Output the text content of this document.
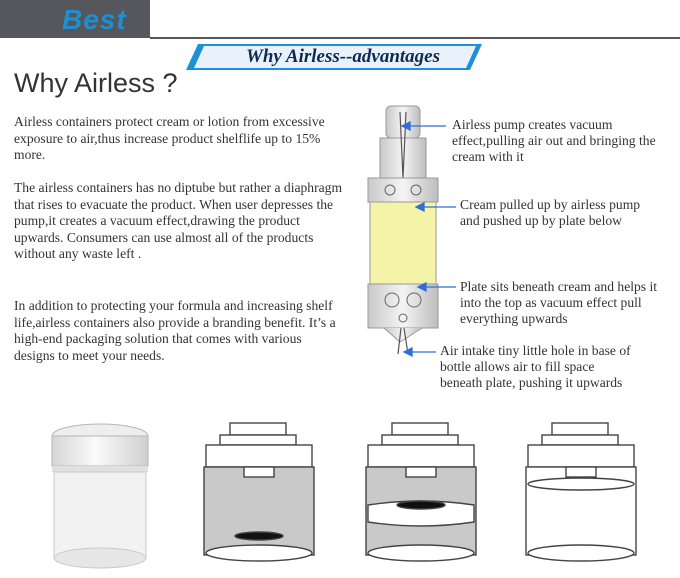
Best
Why Airless--advantages
Why Airless ?

Airless containers protect cream or lotion from excessive exposure to air,thus increase product shelflife up to 15% more.

The airless containers has no diptube but rather a diaphragm that rises to evacuate the product. When user depresses the pump,it creates a vacuum effect,drawing the product upwards. Consumers can use almost all of the products without any waste left .

In addition to protecting your formula and increasing shelf life,airless containers also provide a branding benefit. It’s a high-end packaging solution that comes with various designs to meet your needs.

Airless pump creates vacuum effect,pulling air out and bringing the cream with it

Cream pulled up by airless pump and pushed up by plate below

Plate sits beneath cream and helps it into the top as vacuum effect pull everything upwards

Air intake tiny little hole in base of bottle allows air to fill space beneath plate, pushing it upwards
